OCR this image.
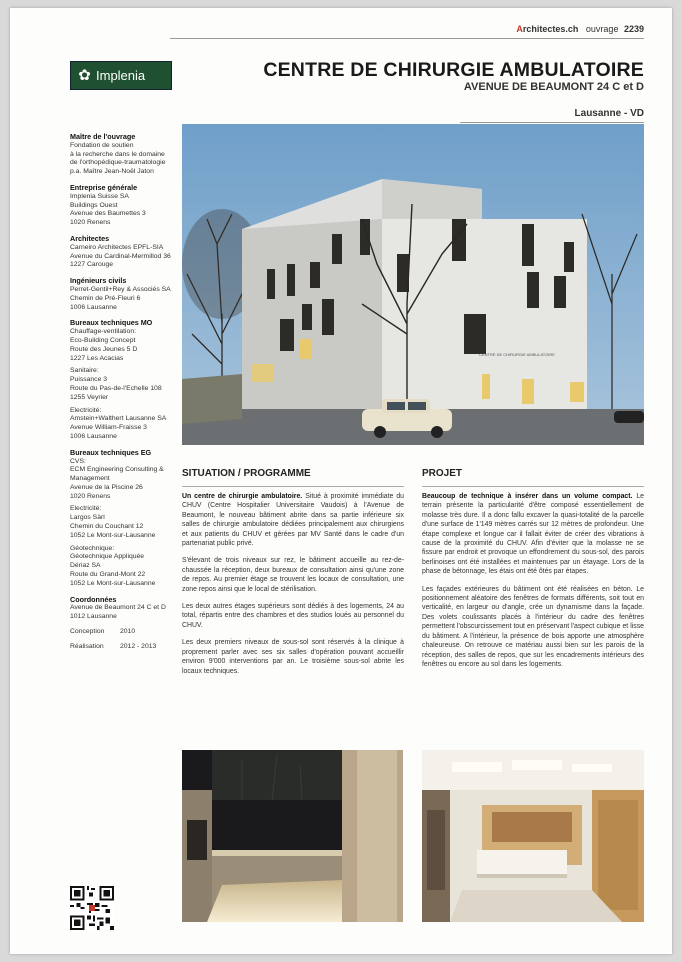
Architectes.ch ouvrage 2239
✿ Implenia	CENTRE DE CHIRURGIE AMBULATOIRE
AVENUE DE BEAUMONT 24 C et D
Lausanne - VD
Maître de l'ouvrage
Fondation de soutien
à la recherche dans le domaine
de l'orthopédique-traumatologie
p.a. Maître Jean-Noël Jaton
Entreprise générale
Implenia Suisse SA
Buildings Ouest
Avenue des Baumettes 3
1020 Renens
Architectes
Carneiro Architectes EPFL-SIA
Avenue du Cardinal-Mermillod 36
1227 Carouge
Ingénieurs civils
Perret-Gentil+Rey & Associés SA
Chemin de Pré-Fleuri 6
1006 Lausanne
Bureaux techniques MO
Chauffage-ventilation:
Eco-Building Concept
Route des Jeunes 5 D
1227 Les Acacias
Sanitaire:
Puissance 3
Route du Pas-de-l'Echelle 108
1255 Veyrier
Electricité:
Amstein+Walthert Lausanne SA
Avenue William-Fraisse 3
1006 Lausanne
Bureaux techniques EG
CVS:
ECM Engineering Consulting &
Management
Avenue de la Piscine 26
1020 Renens
Electricité:
Largos Sàrl
Chemin du Couchant 12
1052 Le Mont-sur-Lausanne
Géotechnique:
Géotechnique Appliquée
Dériaz SA
Route du Grand-Mont 22
1052 Le Mont-sur-Lausanne
Coordonnées
Avenue de Beaumont 24 C et D
1012 Lausanne
Conception	2010
Réalisation	2012 - 2013
CENTRE DE CHIRURGIE AMBULATOIRE
SITUATION / PROGRAMME	PROJET

Un centre de chirurgie ambulatoire. Situé à proximité immédiate du CHUV (Centre Hospitalier Universitaire Vaudois) à l'Avenue de Beaumont, le nouveau bâtiment abrite dans sa partie inférieure six salles de chirurgie ambulatoire dédiées principalement aux chirurgiens et aux patients du CHUV et gérées par MV Santé dans le cadre d'un partenariat public privé.

S'élevant de trois niveaux sur rez, le bâtiment accueille au rez-de-chaussée la réception, deux bureaux de consultation ainsi qu'une zone de repos. Au premier étage se trouvent les locaux de consultation, une zone repos ainsi que le local de stérilisation.

Les deux autres étages supérieurs sont dédiés à des logements, 24 au total, répartis entre des chambres et des studios loués au personnel du CHUV.

Les deux premiers niveaux de sous-sol sont réservés à la clinique à proprement parler avec ses six salles d'opération pouvant accueillir environ 9'000 interventions par an. Le troisième sous-sol abrite les locaux techniques.

Beaucoup de technique à insérer dans un volume compact. Le terrain présente la particularité d'être composé essentiellement de molasse très dure. Il a donc fallu excaver la quasi-totalité de la parcelle d'une surface de 1'149 mètres carrés sur 12 mètres de profondeur. Une étape complexe et longue car il fallait éviter de créer des vibrations à cause de la proximité du CHUV. Afin d'éviter que la molasse ne se fissure par endroit et provoque un effondrement du sous-sol, des parois berlinoises ont été installées et maintenues par un étayage. Lors de la phase de bétonnage, les étais ont été ôtés par étapes.

Les façades extérieures du bâtiment ont été réalisées en béton. Le positionnement aléatoire des fenêtres de formats différents, soit tout en verticalité, en largeur ou d'angle, crée un dynamisme dans la façade. Des volets coulissants placés à l'intérieur du cadre des fenêtres permettent l'obscurcissement tout en préservant l'aspect cubique et lisse du bâtiment. A l'intérieur, la présence de bois apporte une atmosphère chaleureuse. On retrouve ce matériau aussi bien sur les parois de la réception, des salles de repos, que sur les encadrements intérieurs des fenêtres ou encore au sol dans les logements.
